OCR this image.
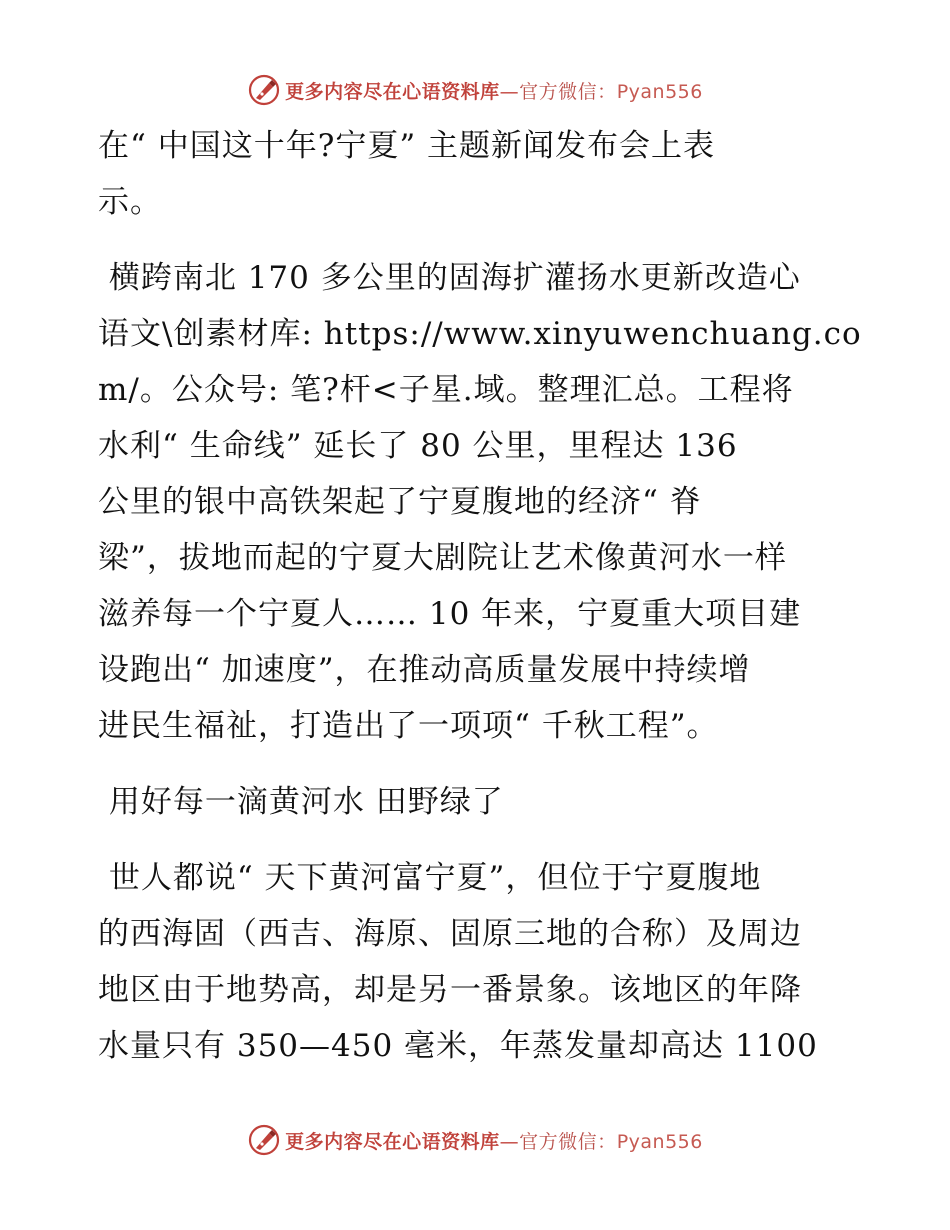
更多内容尽在心语资料库—官方微信：Pyan556
在“ 中国这十年?宁夏” 主题新闻发布会上表
示。
横跨南北 170 多公里的固海扩灌扬水更新改造心
语文\创素材库: https://www.xinyuwenchuang.co
m/。公众号: 笔?杆<子星.域。整理汇总。工程将
水利“ 生命线” 延长了 80 公里，里程达 136
公里的银中高铁架起了宁夏腹地的经济“ 脊
梁”，拔地而起的宁夏大剧院让艺术像黄河水一样
滋养每一个宁夏人…… 10 年来，宁夏重大项目建
设跑出“ 加速度”，在推动高质量发展中持续增
进民生福祉，打造出了一项项“ 千秋工程”。
用好每一滴黄河水 田野绿了
世人都说“ 天下黄河富宁夏”，但位于宁夏腹地
的西海固（西吉、海原、固原三地的合称）及周边
地区由于地势高，却是另一番景象。该地区的年降
水量只有 350—450 毫米，年蒸发量却高达 1100
更多内容尽在心语资料库—官方微信：Pyan556
